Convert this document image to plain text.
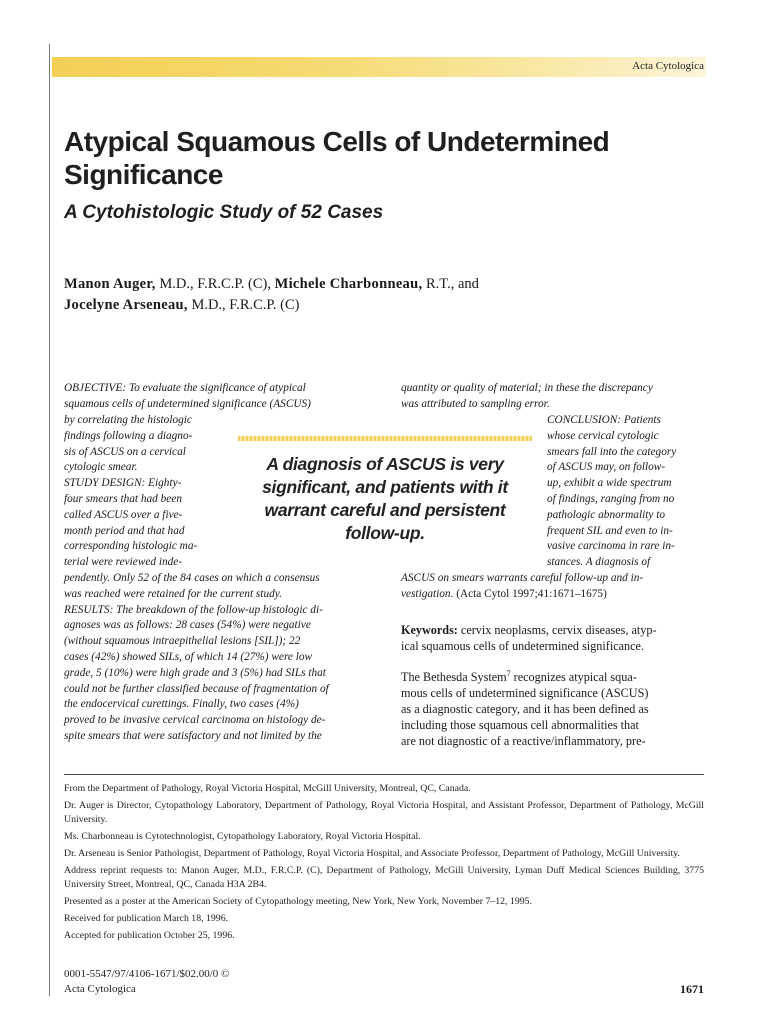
Acta Cytologica
Atypical Squamous Cells of Undetermined Significance
A Cytohistologic Study of 52 Cases
Manon Auger, M.D., F.R.C.P. (C), Michele Charbonneau, R.T., and
Jocelyne Arseneau, M.D., F.R.C.P. (C)

OBJECTIVE: To evaluate the significance of atypical

squamous cells of undetermined significance (ASCUS)

by correlating the histologic

findings following a diagno-

sis of ASCUS on a cervical

cytologic smear.

STUDY DESIGN: Eighty-

four smears that had been

called ASCUS over a five-

month period and that had

corresponding histologic ma-

terial were reviewed inde-

pendently. Only 52 of the 84 cases on which a consensus

was reached were retained for the current study.

RESULTS: The breakdown of the follow-up histologic di-

agnoses was as follows: 28 cases (54%) were negative

(without squamous intraepithelial lesions [SIL]); 22

cases (42%) showed SILs, of which 14 (27%) were low

grade, 5 (10%) were high grade and 3 (5%) had SILs that

could not be further classified because of fragmentation of

the endocervical curettings. Finally, two cases (4%)

proved to be invasive cervical carcinoma on histology de-

spite smears that were satisfactory and not limited by the

quantity or quality of material; in these the discrepancy

was attributed to sampling error.

CONCLUSION: Patients

whose cervical cytologic

smears fall into the category

of ASCUS may, on follow-

up, exhibit a wide spectrum

of findings, ranging from no

pathologic abnormality to

frequent SIL and even to in-

vasive carcinoma in rare in-

stances. A diagnosis of

ASCUS on smears warrants careful follow-up and in-

vestigation. (Acta Cytol 1997;41:1671–1675)

A diagnosis of ASCUS is very significant, and patients with it warrant careful and persistent follow-up.

Keywords: cervix neoplasms, cervix diseases, atyp-

ical squamous cells of undetermined significance.

The Bethesda System$^7$ recognizes atypical squa-

mous cells of undetermined significance (ASCUS)

as a diagnostic category, and it has been defined as

including those squamous cell abnormalities that

are not diagnostic of a reactive/inflammatory, pre-

From the Department of Pathology, Royal Victoria Hospital, McGill University, Montreal, QC, Canada.

Dr. Auger is Director, Cytopathology Laboratory, Department of Pathology, Royal Victoria Hospital, and Assistant Professor, Department of Pathology, McGill University.

Ms. Charbonneau is Cytotechnologist, Cytopathology Laboratory, Royal Victoria Hospital.

Dr. Arseneau is Senior Pathologist, Department of Pathology, Royal Victoria Hospital, and Associate Professor, Department of Pathology, McGill University.

Address reprint requests to: Manon Auger, M.D., F.R.C.P. (C), Department of Pathology, McGill University, Lyman Duff Medical Sciences Building, 3775 University Street, Montreal, QC, Canada H3A 2B4.

Presented as a poster at the American Society of Cytopathology meeting, New York, New York, November 7–12, 1995.

Received for publication March 18, 1996.

Accepted for publication October 25, 1996.

0001-5547/97/4106-1671/$02.00/0 ©
Acta Cytologica	1671
